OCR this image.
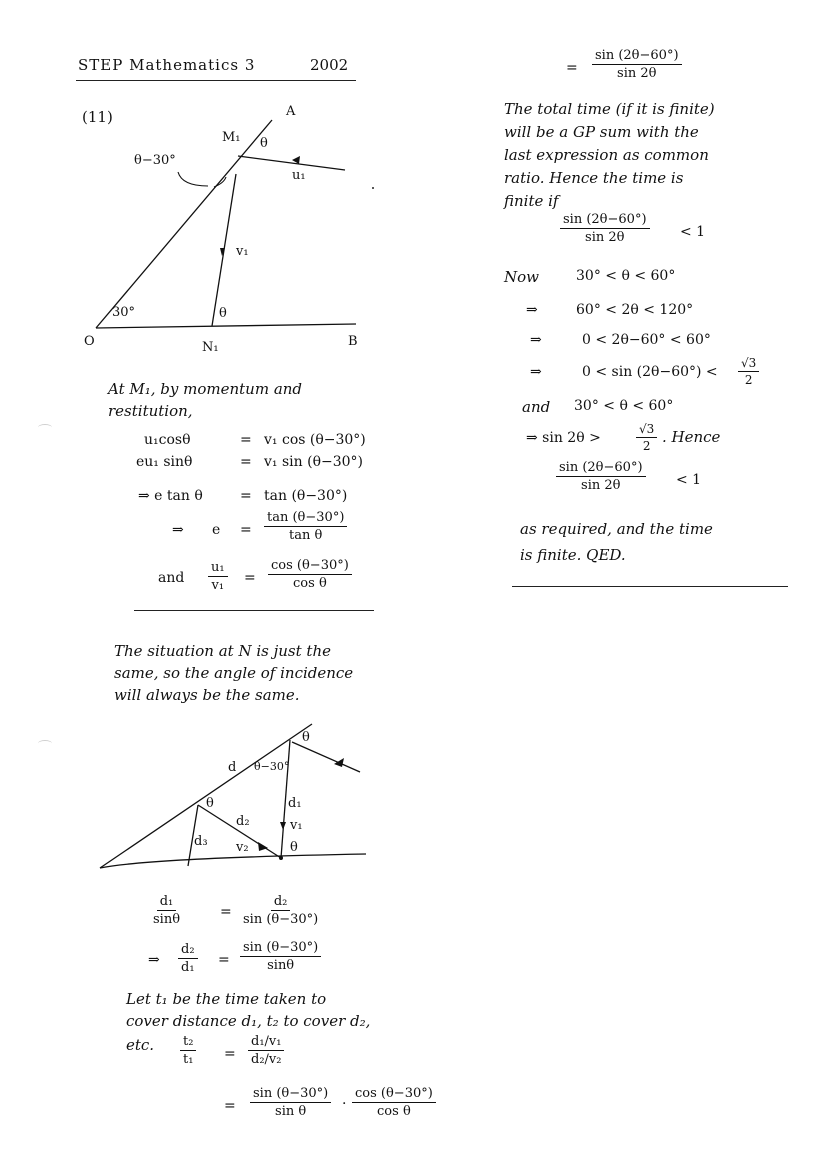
STEP Mathematics 3	2002
(11)	A
M₁ θ
θ−30°
u₁
v₁
30°	θ
O	N₁	B
At M₁, by momentum and
restitution,
u₁cosθ	= v₁ cos (θ−30°)
eu₁ sinθ	= v₁ sin (θ−30°)
⇒ e tan θ	= tan (θ−30°)
⇒ $e = \frac{\tan (\theta-30^\circ)}{\text{tan θ}}$
and $\frac{\text{u₁}}{\text{v₁}} = \frac{\cos (\theta-30^\circ)}{\text{cos θ}}$
The situation at N is just the
same, so the angle of incidence
will always be the same.
θ
d θ−30°
d₁
v₁
θ
d₂
v₂
d₃	θ
$\frac{\text{d₁}}{\sin\theta}$	= $\frac{\text{d₂}}{\sin (\theta-30^\circ)}$
⇒ $\frac{\text{d₂}}{\text{d₁}} = \frac{\sin (\theta-30^\circ)}{\sin\theta}$
Let t₁ be the time taken to
cover distance d₁, t₂ to cover d₂,
etc. $\frac{\text{t₂}}{\text{t₁}} = \frac{\text{d₁/v₁}}{\text{d₂/v₂}}$
= $\frac{\sin (\theta-30^\circ)}{\text{sin θ}} \cdot \frac{\cos (\theta-30^\circ)}{\text{cos θ}}$
= $\frac{\sin (2\theta-60^\circ)}{\sin 2\theta}$
The total time (if it is finite)
will be a GP sum with the
last expression as common
ratio. Hence the time is
finite if
$\frac{\sin (2\theta-60^\circ)}{\sin 2\theta} < 1$
Now	30° < θ < 60°
⇒	60° < 2θ < 120°
⇒	0 < 2θ−60° < 60°
⇒	$0 < \sin (2\theta-60^\circ) < \frac{√3}{2}$
and 30° < θ < 60°
⇒ sin 2θ >	$\frac{√3}{2}$ . Hence
$\frac{\sin (2\theta-60^\circ)}{\sin 2\theta} < 1$
as required, and the time
is finite. QED.
